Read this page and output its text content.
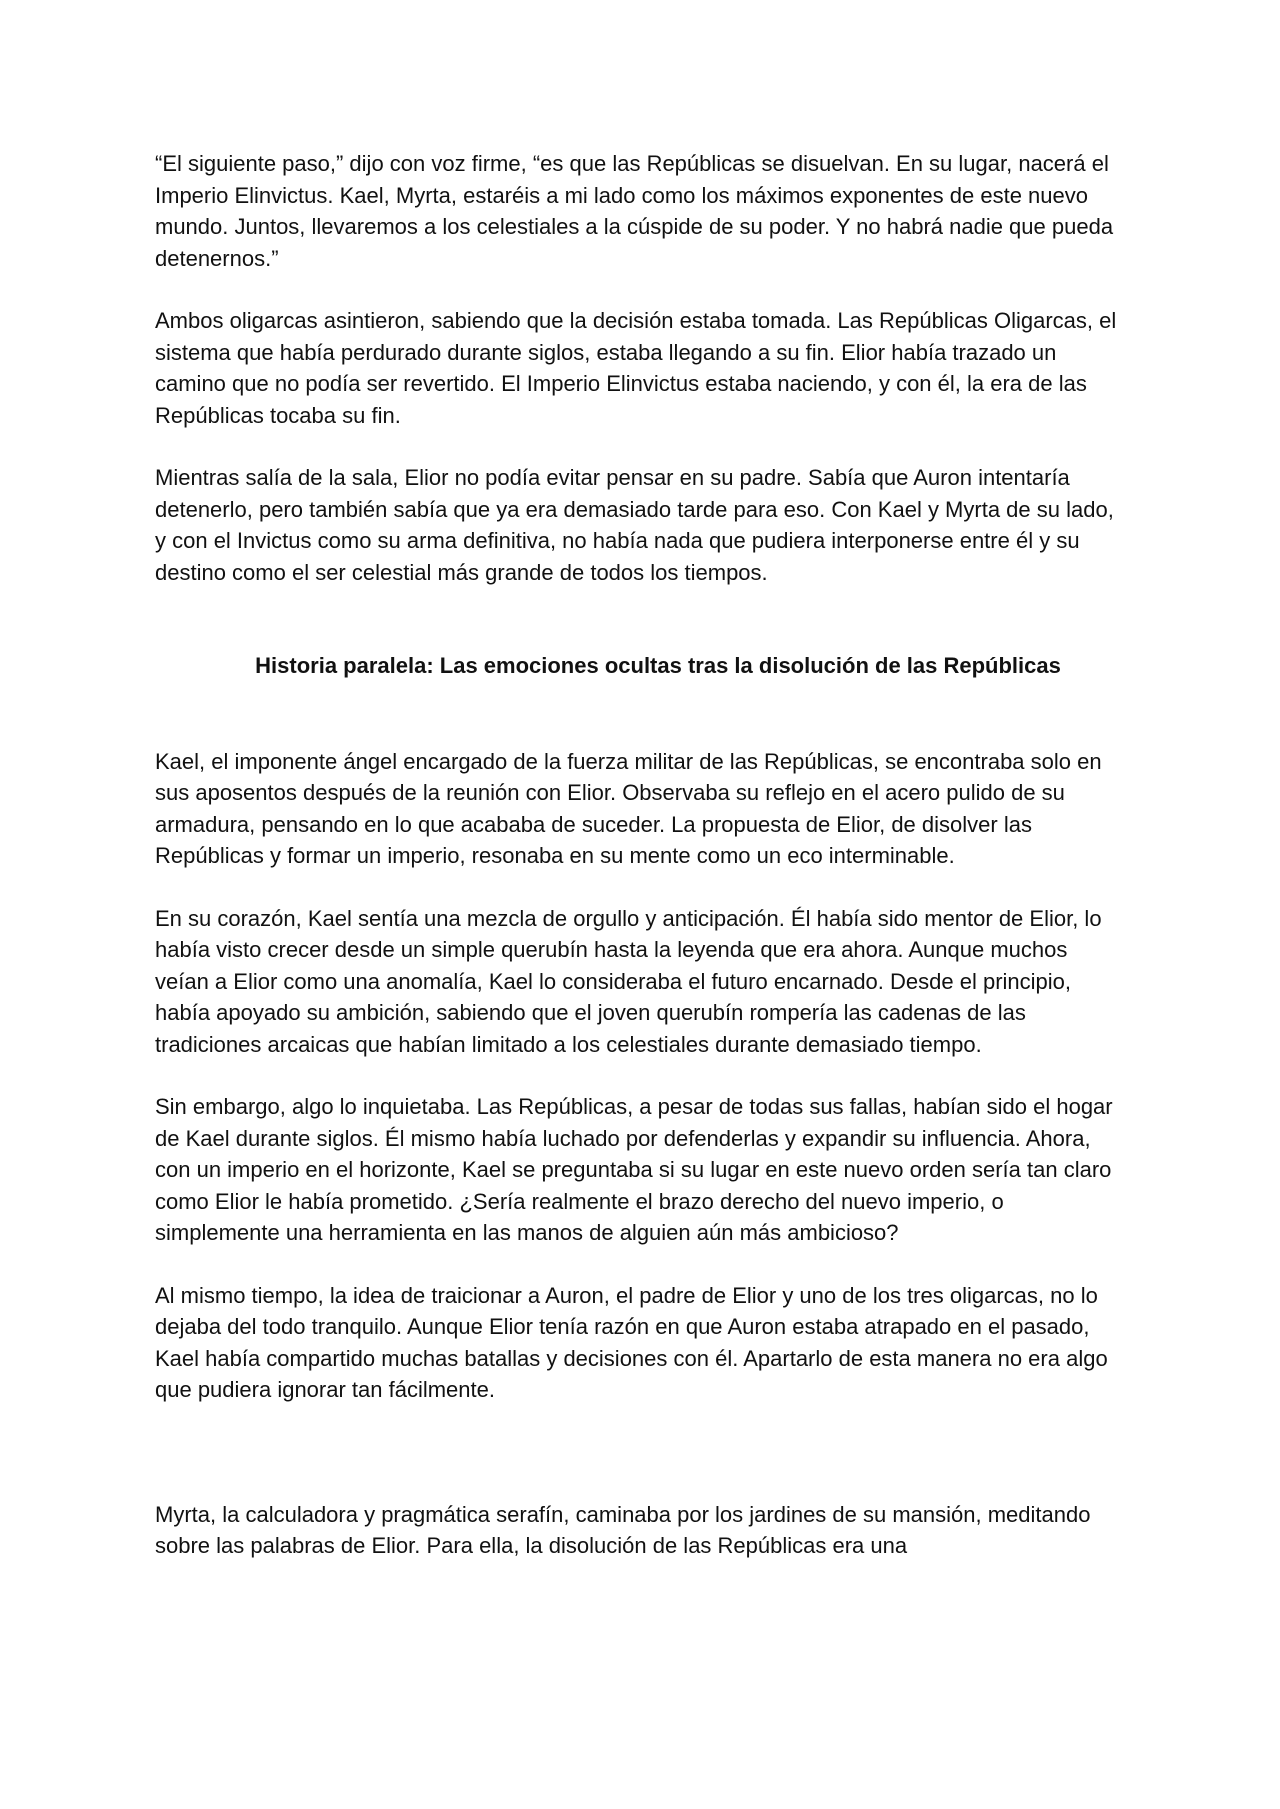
“El siguiente paso,” dijo con voz firme, “es que las Repúblicas se disuelvan. En su lugar, nacerá el Imperio Elinvictus. Kael, Myrta, estaréis a mi lado como los máximos exponentes de este nuevo mundo. Juntos, llevaremos a los celestiales a la cúspide de su poder. Y no habrá nadie que pueda detenernos.”

Ambos oligarcas asintieron, sabiendo que la decisión estaba tomada. Las Repúblicas Oligarcas, el sistema que había perdurado durante siglos, estaba llegando a su fin. Elior había trazado un camino que no podía ser revertido. El Imperio Elinvictus estaba naciendo, y con él, la era de las Repúblicas tocaba su fin.

Mientras salía de la sala, Elior no podía evitar pensar en su padre. Sabía que Auron intentaría detenerlo, pero también sabía que ya era demasiado tarde para eso. Con Kael y Myrta de su lado, y con el Invictus como su arma definitiva, no había nada que pudiera interponerse entre él y su destino como el ser celestial más grande de todos los tiempos.

Historia paralela: Las emociones ocultas tras la disolución de las Repúblicas

Kael, el imponente ángel encargado de la fuerza militar de las Repúblicas, se encontraba solo en sus aposentos después de la reunión con Elior. Observaba su reflejo en el acero pulido de su armadura, pensando en lo que acababa de suceder. La propuesta de Elior, de disolver las Repúblicas y formar un imperio, resonaba en su mente como un eco interminable.

En su corazón, Kael sentía una mezcla de orgullo y anticipación. Él había sido mentor de Elior, lo había visto crecer desde un simple querubín hasta la leyenda que era ahora. Aunque muchos veían a Elior como una anomalía, Kael lo consideraba el futuro encarnado. Desde el principio, había apoyado su ambición, sabiendo que el joven querubín rompería las cadenas de las tradiciones arcaicas que habían limitado a los celestiales durante demasiado tiempo.

Sin embargo, algo lo inquietaba. Las Repúblicas, a pesar de todas sus fallas, habían sido el hogar de Kael durante siglos. Él mismo había luchado por defenderlas y expandir su influencia. Ahora, con un imperio en el horizonte, Kael se preguntaba si su lugar en este nuevo orden sería tan claro como Elior le había prometido. ¿Sería realmente el brazo derecho del nuevo imperio, o simplemente una herramienta en las manos de alguien aún más ambicioso?

Al mismo tiempo, la idea de traicionar a Auron, el padre de Elior y uno de los tres oligarcas, no lo dejaba del todo tranquilo. Aunque Elior tenía razón en que Auron estaba atrapado en el pasado, Kael había compartido muchas batallas y decisiones con él. Apartarlo de esta manera no era algo que pudiera ignorar tan fácilmente.

Myrta, la calculadora y pragmática serafín, caminaba por los jardines de su mansión, meditando sobre las palabras de Elior. Para ella, la disolución de las Repúblicas era una
